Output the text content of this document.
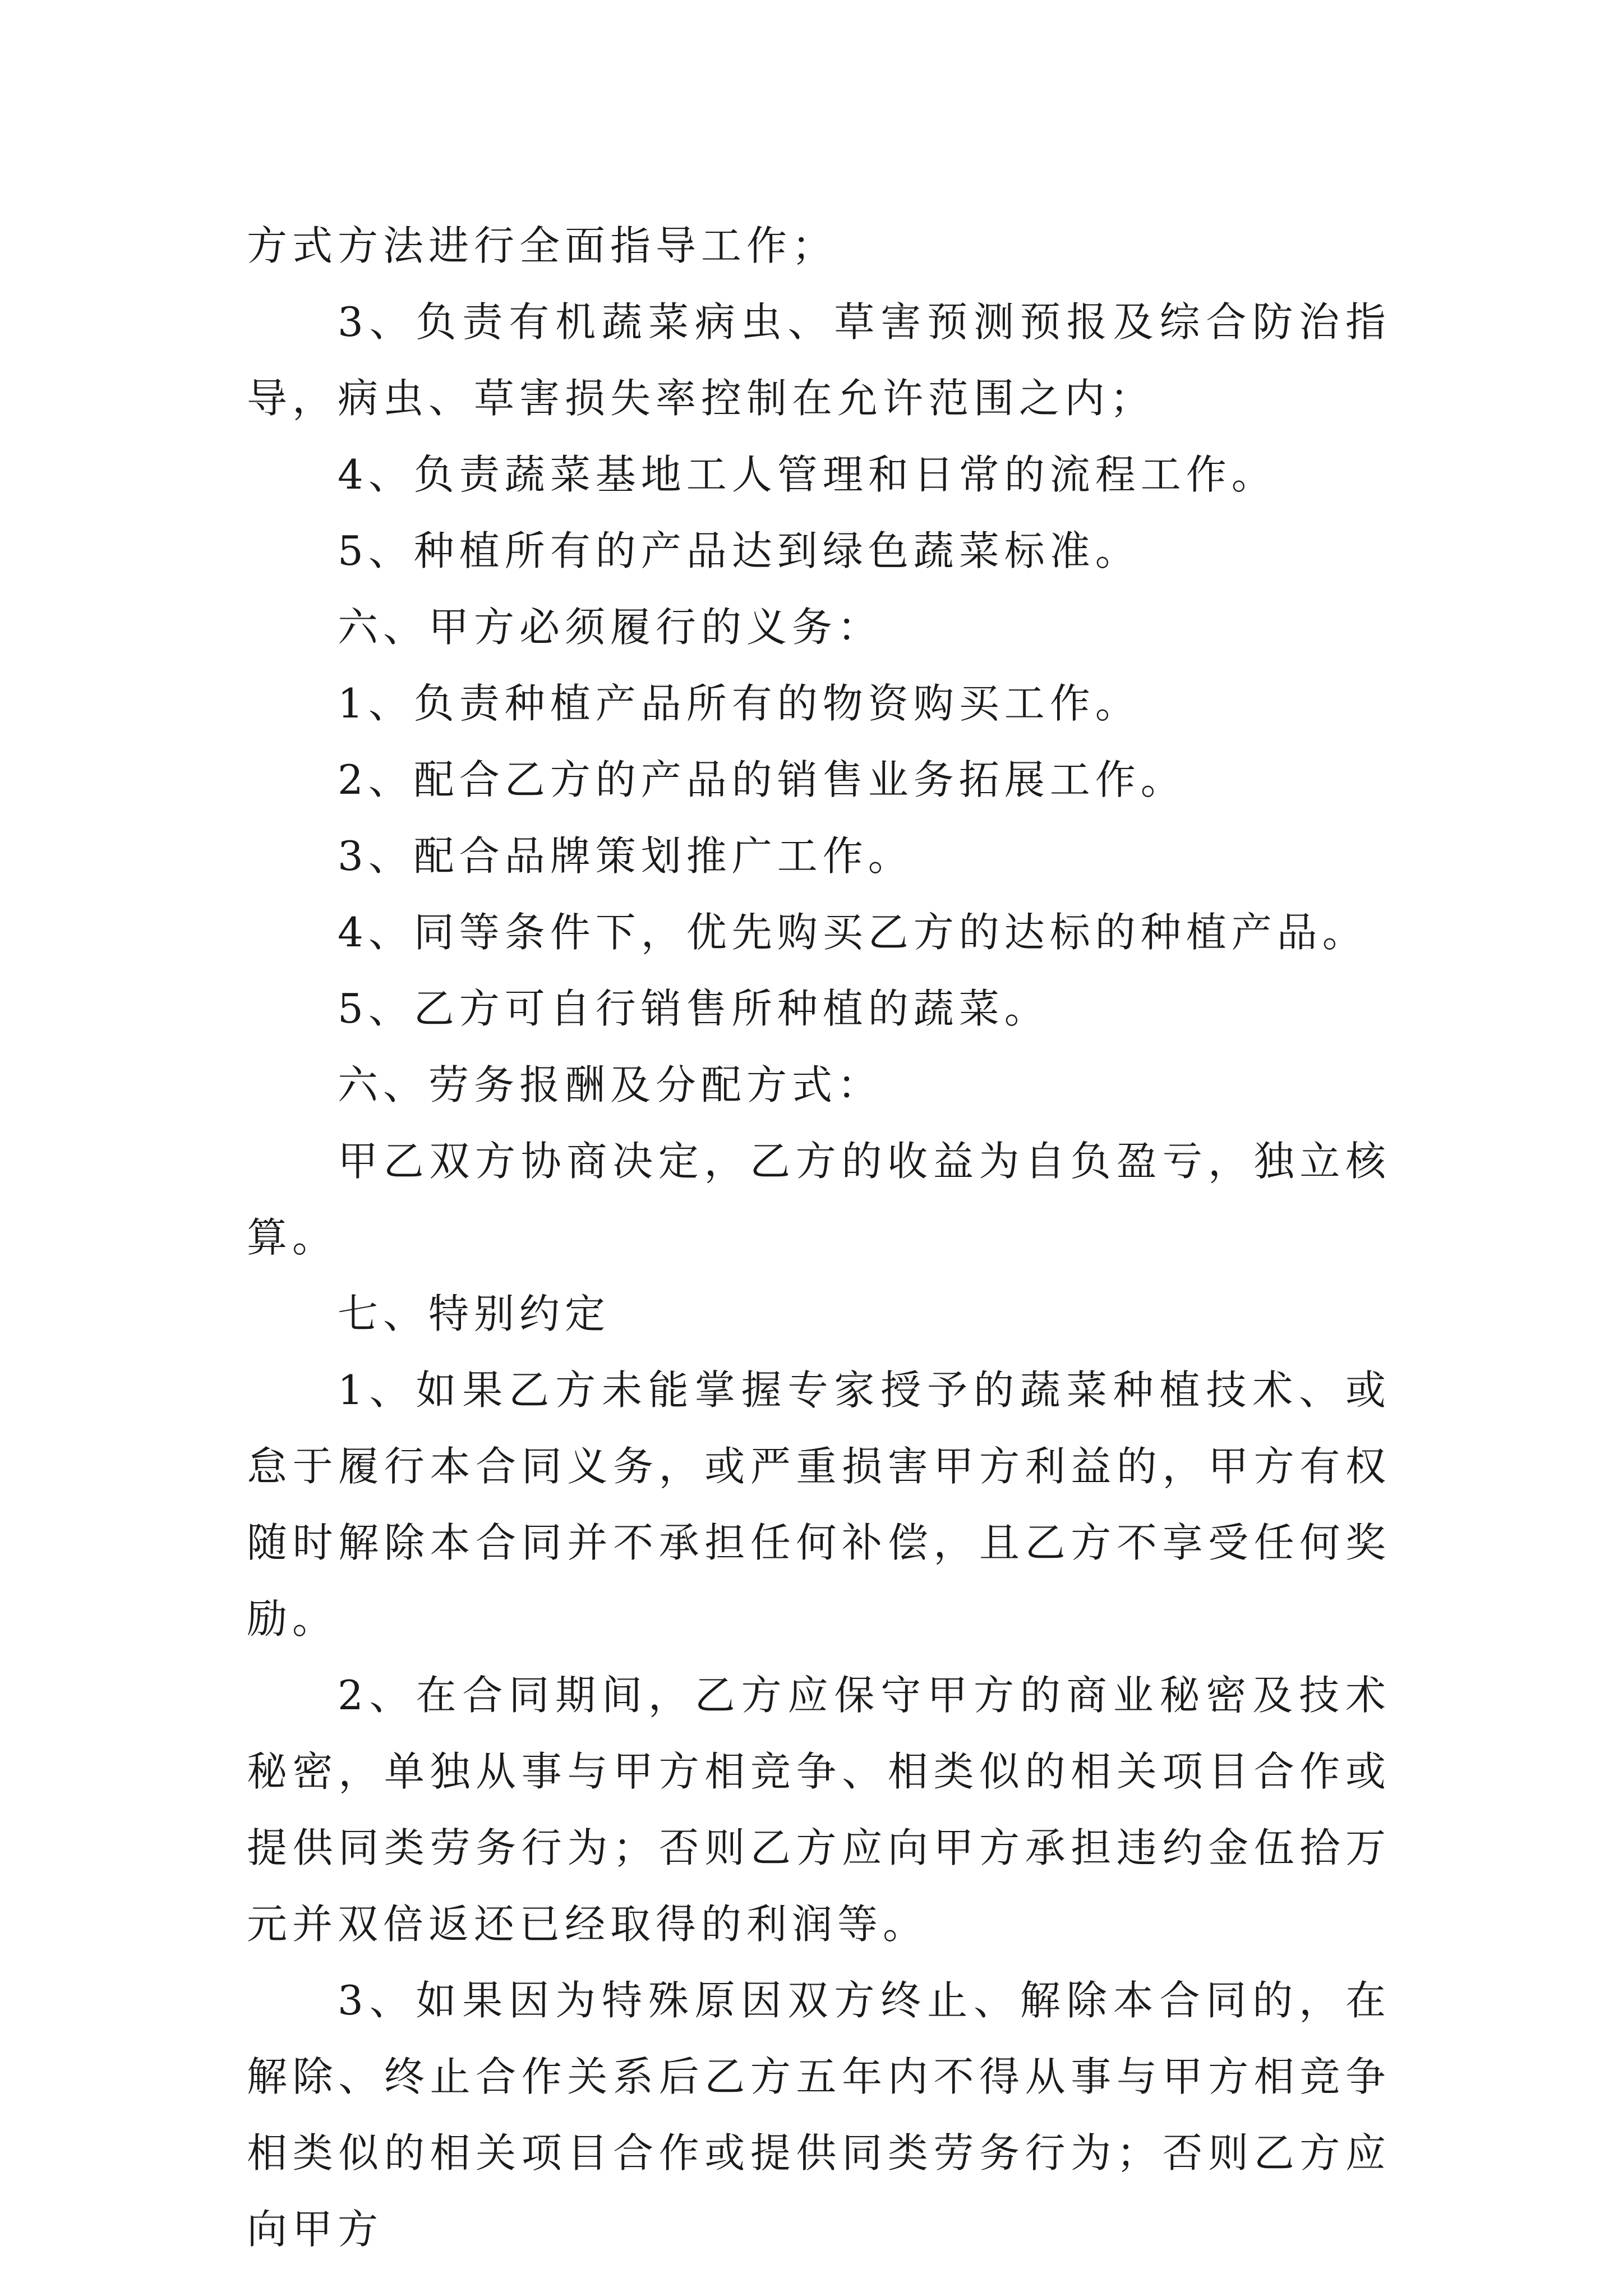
方式方法进行全面指导工作；

3、负责有机蔬菜病虫、草害预测预报及综合防治指导，病虫、草害损失率控制在允许范围之内；

4、负责蔬菜基地工人管理和日常的流程工作。

5、种植所有的产品达到绿色蔬菜标准。

六、甲方必须履行的义务：

1、负责种植产品所有的物资购买工作。

2、配合乙方的产品的销售业务拓展工作。

3、配合品牌策划推广工作。

4、同等条件下，优先购买乙方的达标的种植产品。

5、乙方可自行销售所种植的蔬菜。

六、劳务报酬及分配方式：

甲乙双方协商决定，乙方的收益为自负盈亏，独立核算。

七、特别约定

1、如果乙方未能掌握专家授予的蔬菜种植技术、或怠于履行本合同义务，或严重损害甲方利益的，甲方有权随时解除本合同并不承担任何补偿，且乙方不享受任何奖励。

2、在合同期间，乙方应保守甲方的商业秘密及技术秘密，单独从事与甲方相竞争、相类似的相关项目合作或提供同类劳务行为；否则乙方应向甲方承担违约金伍拾万元并双倍返还已经取得的利润等。

3、如果因为特殊原因双方终止、解除本合同的，在解除、终止合作关系后乙方五年内不得从事与甲方相竞争相类似的相关项目合作或提供同类劳务行为；否则乙方应向甲方
